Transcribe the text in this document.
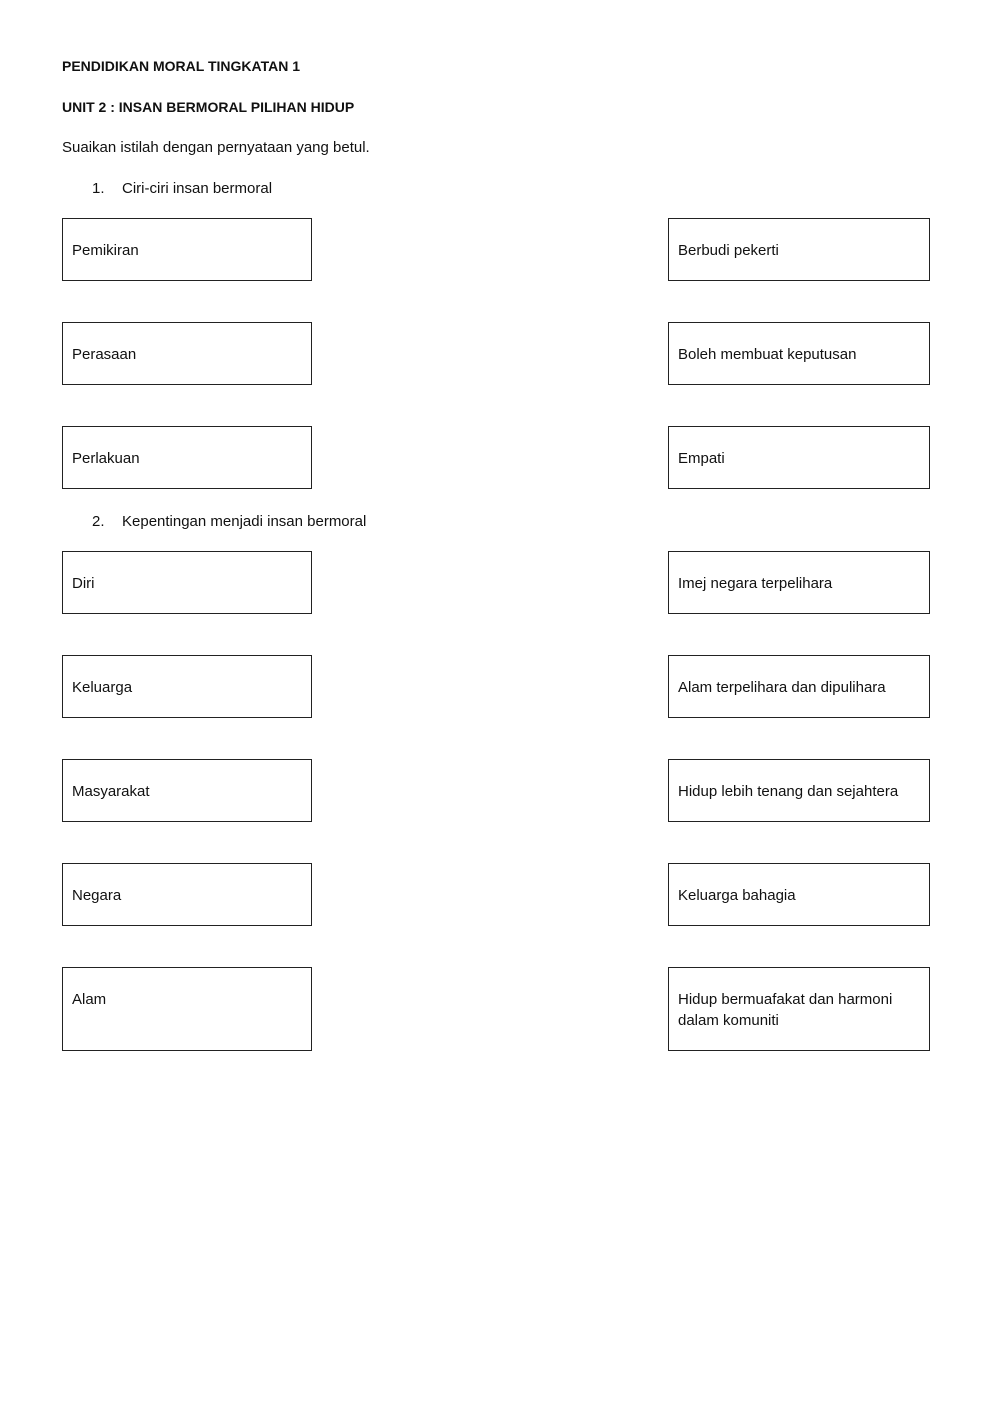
PENDIDIKAN MORAL TINGKATAN 1
UNIT 2 : INSAN BERMORAL PILIHAN HIDUP
Suaikan istilah dengan pernyataan yang betul.
1. Ciri-ciri insan bermoral
Pemikiran	Berbudi pekerti
Perasaan	Boleh membuat keputusan
Perlakuan	Empati
2. Kepentingan menjadi insan bermoral
Diri	Imej negara terpelihara
Keluarga	Alam terpelihara dan dipulihara
Masyarakat	Hidup lebih tenang dan sejahtera
Negara	Keluarga bahagia
Alam	Hidup bermuafakat dan harmoni dalam komuniti
